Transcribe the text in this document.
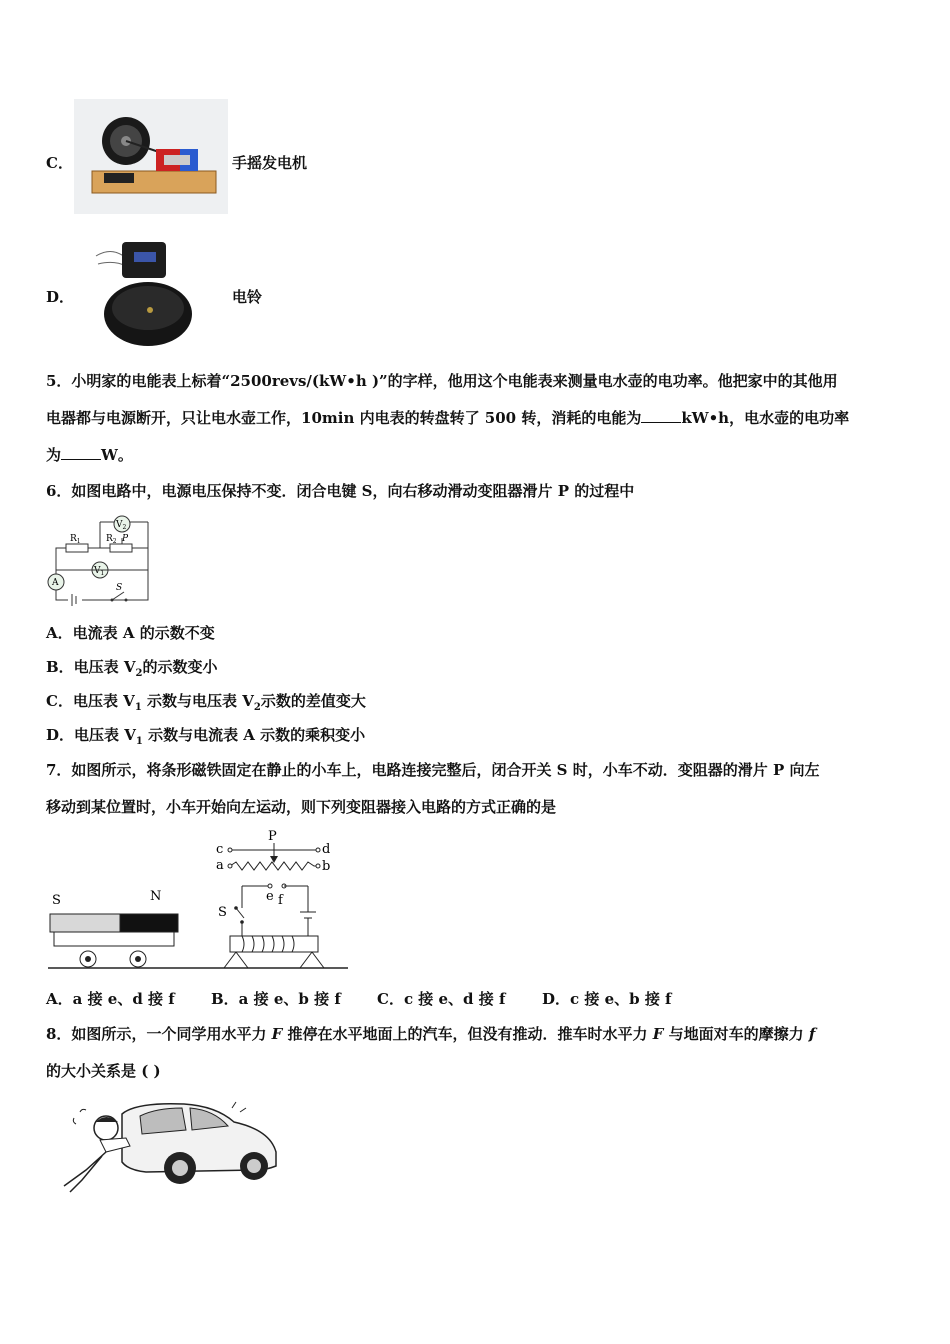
C．	手摇发电机
D．	电铃
5．小明家的电能表上标着“2500revs/(kW•h )”的字样，他用这个电能表来测量电水壶的电功率。他把家中的其他用
电器都与电源断开，只让电水壶工作，10min 内电表的转盘转了 500 转，消耗的电能为	kW•h，电水壶的电功率
为	W。
6．如图电路中，电源电压保持不变．闭合电键 S，向右移动滑动变阻器滑片 P 的过程中
$V_2$
$R_1$	$R_2$ P
A
$V_1$
S
A．电流表 A 的示数不变
B．电压表 $V_2$的示数变小
C．电压表 $V_1$ 示数与电压表 $V_2$示数的差值变大
D．电压表 $V_1$ 示数与电流表 A 示数的乘积变小
7．如图所示，将条形磁铁固定在静止的小车上，电路连接完整后，闭合开关 S 时，小车不动．变阻器的滑片 P 向左
移动到某位置时，小车开始向左运动，则下列变阻器接入电路的方式正确的是
S	N
P
c	d
a	b
e f
S
A．a 接 e、d 接 f B．a 接 e、b 接 f C．c 接 e、d 接 f D．c 接 e、b 接 f
8．如图所示，一个同学用水平力 F 推停在水平地面上的汽车，但没有推动．推车时水平力 F 与地面对车的摩擦力 f
的大小关系是 ( )
